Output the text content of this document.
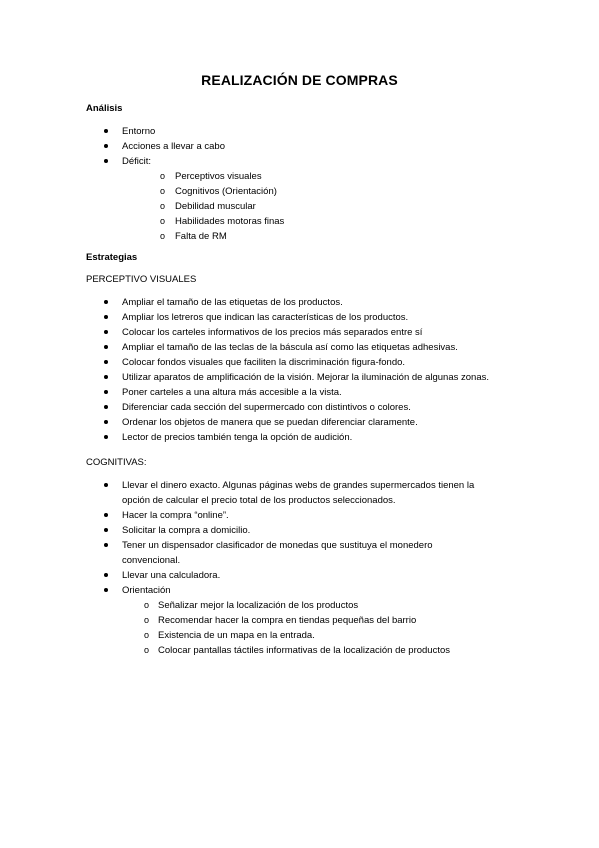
REALIZACIÓN DE COMPRAS
Análisis
Entorno
Acciones a llevar a cabo
Déficit:
o Perceptivos visuales
o Cognitivos (Orientación)
o Debilidad muscular
o Habilidades motoras finas
o Falta de RM
Estrategias
PERCEPTIVO VISUALES
Ampliar el tamaño de las etiquetas de los productos.
Ampliar los letreros que indican las características de los productos.
Colocar los carteles informativos de los precios más separados entre sí
Ampliar el tamaño de las teclas de la báscula así como las etiquetas adhesivas.
Colocar fondos visuales que faciliten la discriminación figura-fondo.
Utilizar aparatos de amplificación de la visión. Mejorar la iluminación de algunas zonas.
Poner carteles a una altura más accesible a la vista.
Diferenciar cada sección del supermercado con distintivos o colores.
Ordenar los objetos de manera que se puedan diferenciar claramente.
Lector de precios también tenga la opción de audición.
COGNITIVAS:
Llevar el dinero exacto. Algunas páginas webs de grandes supermercados tienen la opción de calcular el precio total de los productos seleccionados.
Hacer la compra “online”.
Solicitar la compra a domicilio.
Tener un dispensador clasificador de monedas que sustituya el monedero convencional.
Llevar una calculadora.
Orientación
o Señalizar mejor la localización de los productos
o Recomendar hacer la compra en tiendas pequeñas del barrio
o Existencia de un mapa en la entrada.
o Colocar pantallas táctiles informativas de la localización de productos
